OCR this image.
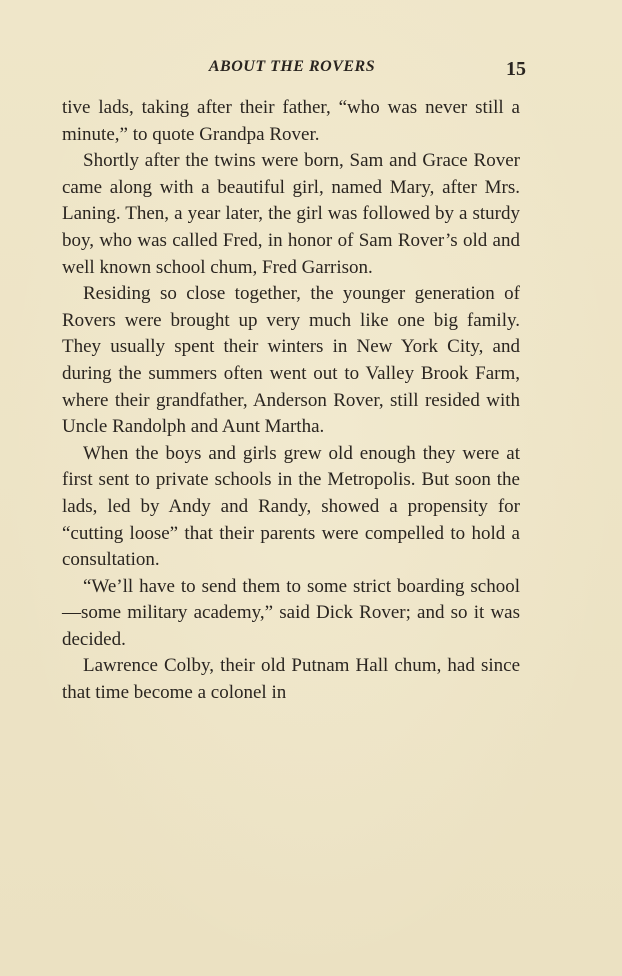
ABOUT THE ROVERS	15

tive lads, taking after their father, “who was never still a minute,” to quote Grandpa Rover.

Shortly after the twins were born, Sam and Grace Rover came along with a beautiful girl, named Mary, after Mrs. Laning. Then, a year later, the girl was followed by a sturdy boy, who was called Fred, in honor of Sam Rover’s old and well known school chum, Fred Garrison.

Residing so close together, the younger generation of Rovers were brought up very much like one big family. They usually spent their winters in New York City, and during the summers often went out to Valley Brook Farm, where their grandfather, Anderson Rover, still resided with Uncle Randolph and Aunt Martha.

When the boys and girls grew old enough they were at first sent to private schools in the Metropolis. But soon the lads, led by Andy and Randy, showed a propensity for “cutting loose” that their parents were compelled to hold a consultation.

“We’ll have to send them to some strict boarding school—some military academy,” said Dick Rover; and so it was decided.

Lawrence Colby, their old Putnam Hall chum, had since that time become a colonel in
